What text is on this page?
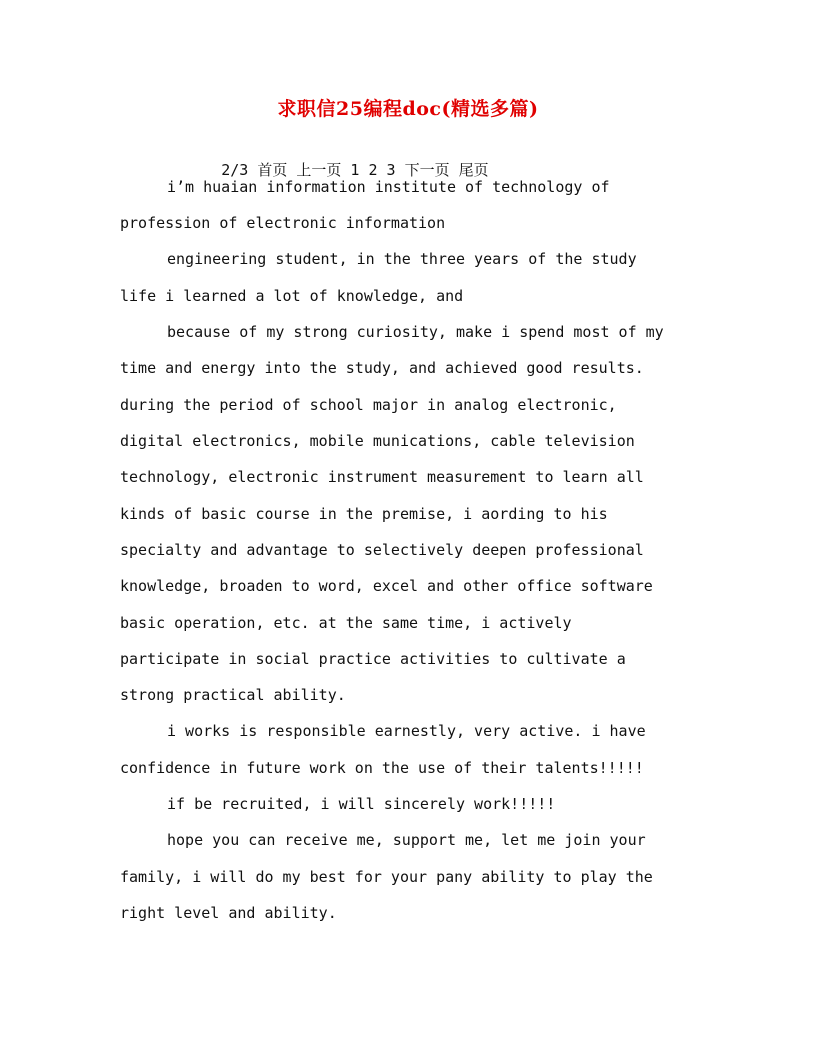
求职信25编程doc(精选多篇)

2/3 首页 上一页 1 2 3 下一页 尾页

i’m huaian information institute of technology of
profession of electronic information
engineering student, in the three years of the study
life i learned a lot of knowledge, and
because of my strong curiosity, make i spend most of my
time and energy into the study, and achieved good results.
during the period of school major in analog electronic,
digital electronics, mobile munications, cable television
technology, electronic instrument measurement to learn all
kinds of basic course in the premise, i aording to his
specialty and advantage to selectively deepen professional
knowledge, broaden to word, excel and other office software
basic operation, etc. at the same time, i actively
participate in social practice activities to cultivate a
strong practical ability.
i works is responsible earnestly, very active. i have
confidence in future work on the use of their talents!!!!!
if be recruited, i will sincerely work!!!!!
hope you can receive me, support me, let me join your
family, i will do my best for your pany ability to play the
right level and ability.
